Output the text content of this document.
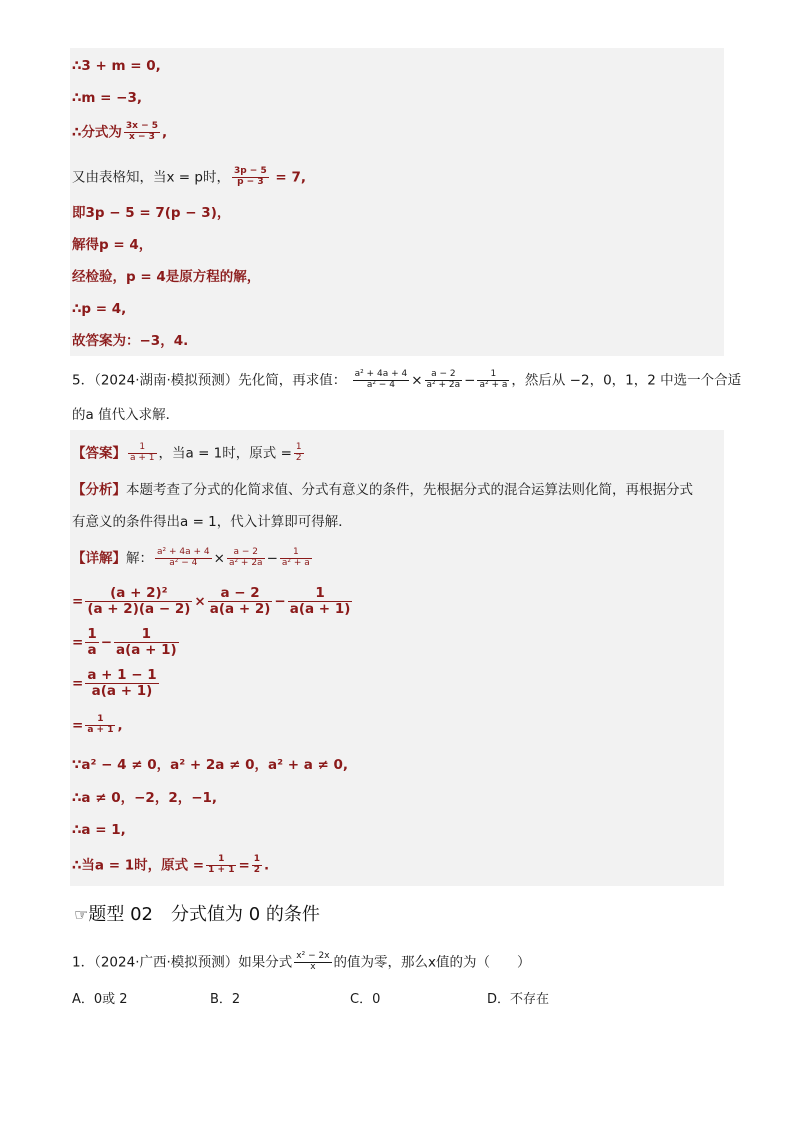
∴3 + m = 0,
∴m = −3,
∴分式为 $\frac{3x - 5}{x - 3}$ ,
又由表格知，当x = p时， $\frac{3p - 5}{p - 3} = 7$,
即3p − 5 = 7(p − 3)，
解得p = 4，
经检验，p = 4是原方程的解，
∴p = 4,
故答案为：−3，4.
5．（2024·湖南·模拟预测）先化简，再求值： $\frac{\text{a² + 4a + 4}}{\text{a² − 4}} \times \frac{a - 2}{\text{a² + 2a}} - \frac{1}{\text{a² + a}}$ ，然后从 −2，0，1，2 中选一个合适
的a 值代入求解．
【答案】 $\frac{1}{a + 1}$ ，当a = 1时，原式 = $\frac{1}{2}$
【分析】本题考查了分式的化简求值、分式有意义的条件，先根据分式的混合运算法则化简，再根据分式
有意义的条件得出a = 1，代入计算即可得解．
【详解】解： $\frac{\text{a² + 4a + 4}}{\text{a² − 4}} \times \frac{a - 2}{\text{a² + 2a}} - \frac{1}{\text{a² + a}}$
= $\frac{\text{(a + 2)²}}{(a + 2)(a - 2)} \times \frac{a - 2}{a(a + 2)} - \frac{1}{a(a + 1)}$
= $\frac{1}{a} - \frac{1}{a(a + 1)}$
= $\frac{a + 1 - 1}{a(a + 1)}$
= $\frac{1}{a + 1}$ ,
∵a² − 4 ≠ 0，a² + 2a ≠ 0，a² + a ≠ 0,
∴a ≠ 0，−2，2，−1,
∴a = 1,
∴当a = 1时，原式 = $\frac{1}{1 + 1} = \frac{1}{2}$ .
☞题型 02　分式值为 0 的条件
1．（2024·广西·模拟预测）如果分式 $\frac{\text{x² − 2x}}{x}$ 的值为零，那么x值的为（　　）
A．0或 2	B．2	C．0	D．不存在
